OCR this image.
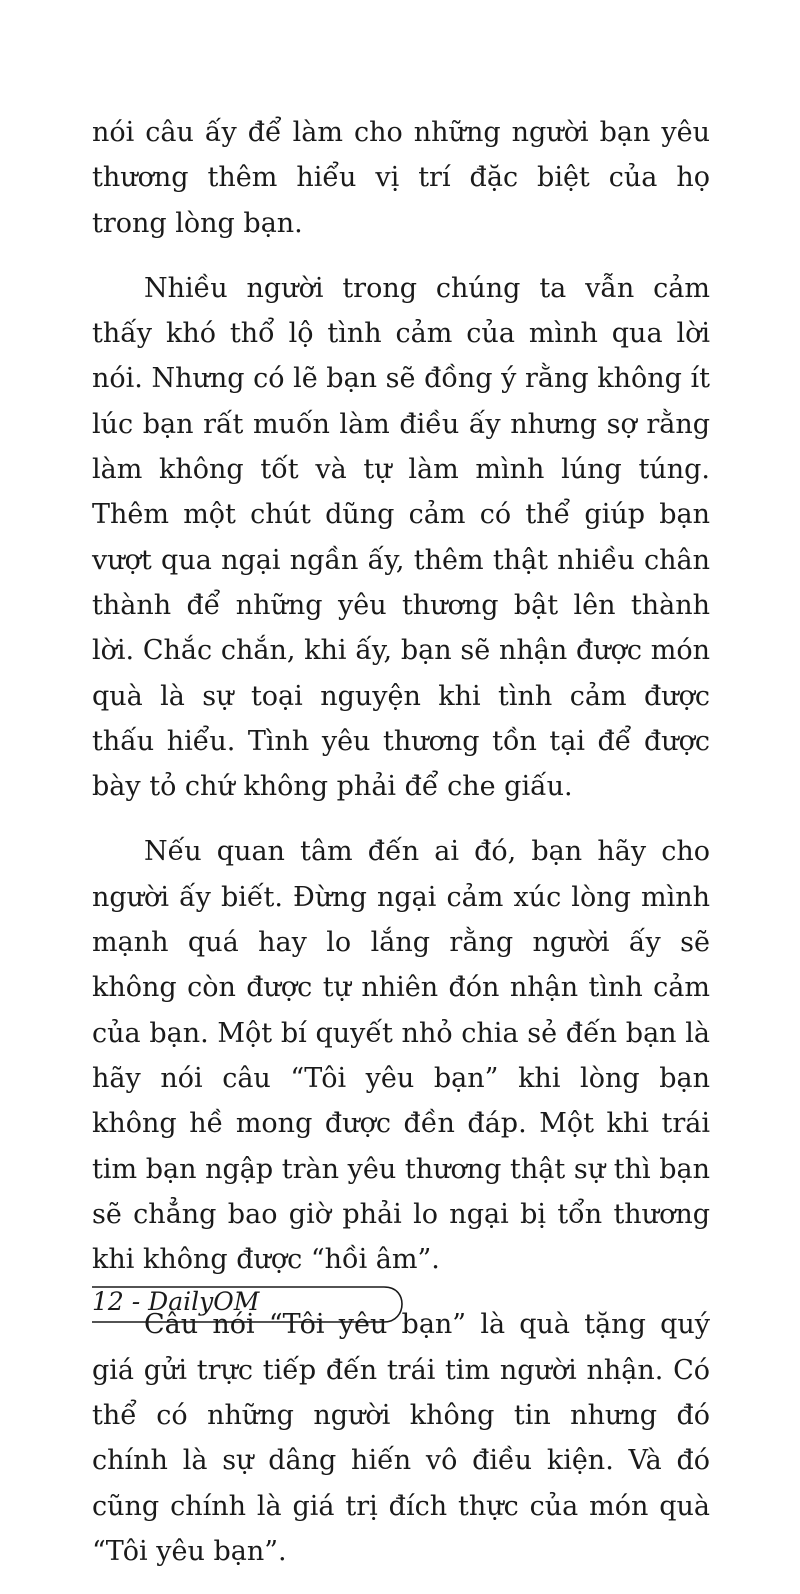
nói câu ấy để làm cho những người bạn yêu thương thêm hiểu vị trí đặc biệt của họ trong lòng bạn.

Nhiều người trong chúng ta vẫn cảm thấy khó thổ lộ tình cảm của mình qua lời nói. Nhưng có lẽ bạn sẽ đồng ý rằng không ít lúc bạn rất muốn làm điều ấy nhưng sợ rằng làm không tốt và tự làm mình lúng túng. Thêm một chút dũng cảm có thể giúp bạn vượt qua ngại ngần ấy, thêm thật nhiều chân thành để những yêu thương bật lên thành lời. Chắc chắn, khi ấy, bạn sẽ nhận được món quà là sự toại nguyện khi tình cảm được thấu hiểu. Tình yêu thương tồn tại để được bày tỏ chứ không phải để che giấu.

Nếu quan tâm đến ai đó, bạn hãy cho người ấy biết. Đừng ngại cảm xúc lòng mình mạnh quá hay lo lắng rằng người ấy sẽ không còn được tự nhiên đón nhận tình cảm của bạn. Một bí quyết nhỏ chia sẻ đến bạn là hãy nói câu “Tôi yêu bạn” khi lòng bạn không hề mong được đền đáp. Một khi trái tim bạn ngập tràn yêu thương thật sự thì bạn sẽ chẳng bao giờ phải lo ngại bị tổn thương khi không được “hồi âm”.

Câu nói “Tôi yêu bạn” là quà tặng quý giá gửi trực tiếp đến trái tim người nhận. Có thể có những người không tin nhưng đó chính là sự dâng hiến vô điều kiện. Và đó cũng chính là giá trị đích thực của món quà “Tôi yêu bạn”.

12 - DailyOM
